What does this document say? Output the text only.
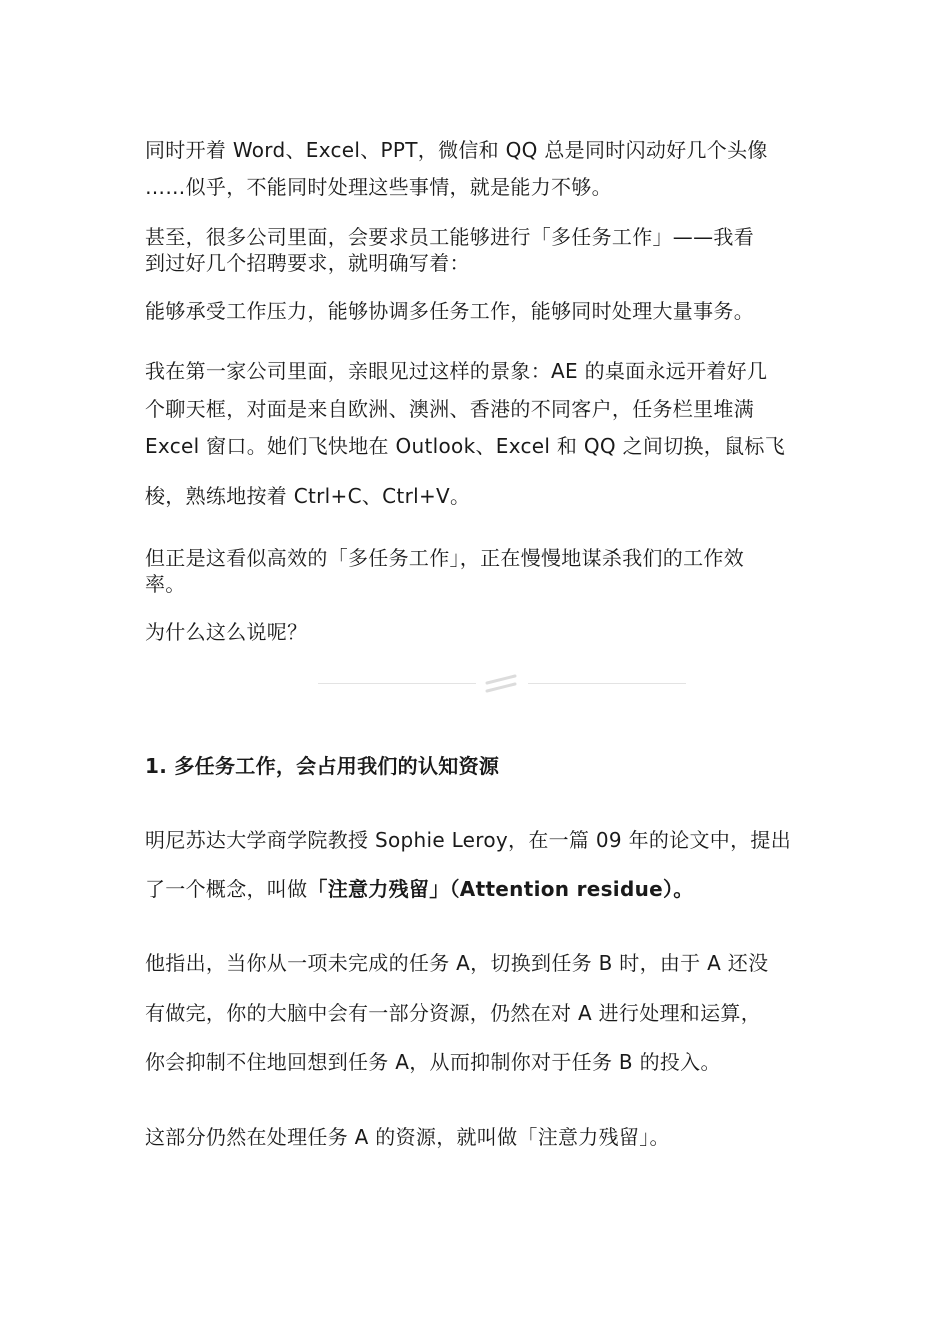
同时开着 Word、Excel、PPT，微信和 QQ 总是同时闪动好几个头像
……似乎，不能同时处理这些事情，就是能力不够。
甚至，很多公司里面，会要求员工能够进行「多任务工作」——我看
到过好几个招聘要求，就明确写着：
能够承受工作压力，能够协调多任务工作，能够同时处理大量事务。
我在第一家公司里面，亲眼见过这样的景象：AE 的桌面永远开着好几
个聊天框，对面是来自欧洲、澳洲、香港的不同客户，任务栏里堆满
Excel 窗口。她们飞快地在 Outlook、Excel 和 QQ 之间切换，鼠标飞
梭，熟练地按着 Ctrl+C、Ctrl+V。
但正是这看似高效的「多任务工作」，正在慢慢地谋杀我们的工作效
率。
为什么这么说呢？
1. 多任务工作，会占用我们的认知资源
明尼苏达大学商学院教授 Sophie Leroy，在一篇 09 年的论文中，提出
了一个概念，叫做「注意力残留」（Attention residue）。
他指出，当你从一项未完成的任务 A，切换到任务 B 时，由于 A 还没
有做完，你的大脑中会有一部分资源，仍然在对 A 进行处理和运算，
你会抑制不住地回想到任务 A，从而抑制你对于任务 B 的投入。
这部分仍然在处理任务 A 的资源，就叫做「注意力残留」。
